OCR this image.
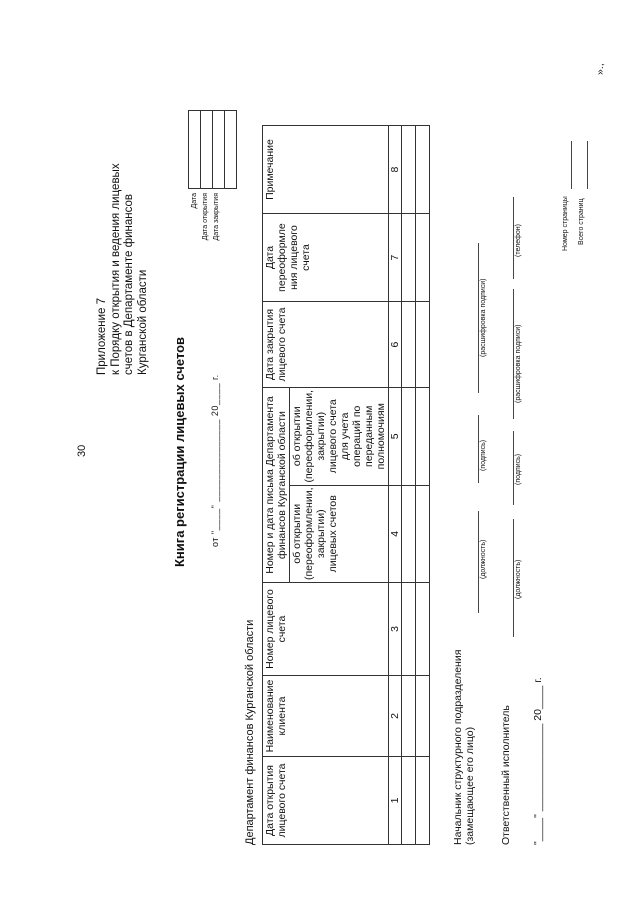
30
Приложение 7 к Порядку открытия и ведения лицевых счетов в Департаменте финансов Курганской области
Книга регистрации лицевых счетов	от "____" _______________ 20____ г.
Дата Дата открытия Дата закрытия

Департамент финансов Курганской области Дата открытия лицевого счета	Наименование клиента	Номер лицевого счета	Номер и дата письма Департамента финансов Курганской области		Дата закрытия лицевого счета	Дата переоформле ния лицевого счета	Примечание
			об открытии (переоформлении, закрытии) лицевых счетов	об открытии (переоформлении, закрытии) лицевого счета для учета операций по переданным полномочиям			
1	2	3	4	5	6	7	8

Начальник структурного подразделения (замещающее его лицо)
(должность)
(подпись)
(расшифровка подписи)
Ответственный исполнитель
(должность)
(подпись)
(расшифровка подписи)
(телефон)
"____" _______________ 20____ г.
Номер страницы Всего страниц
».,
